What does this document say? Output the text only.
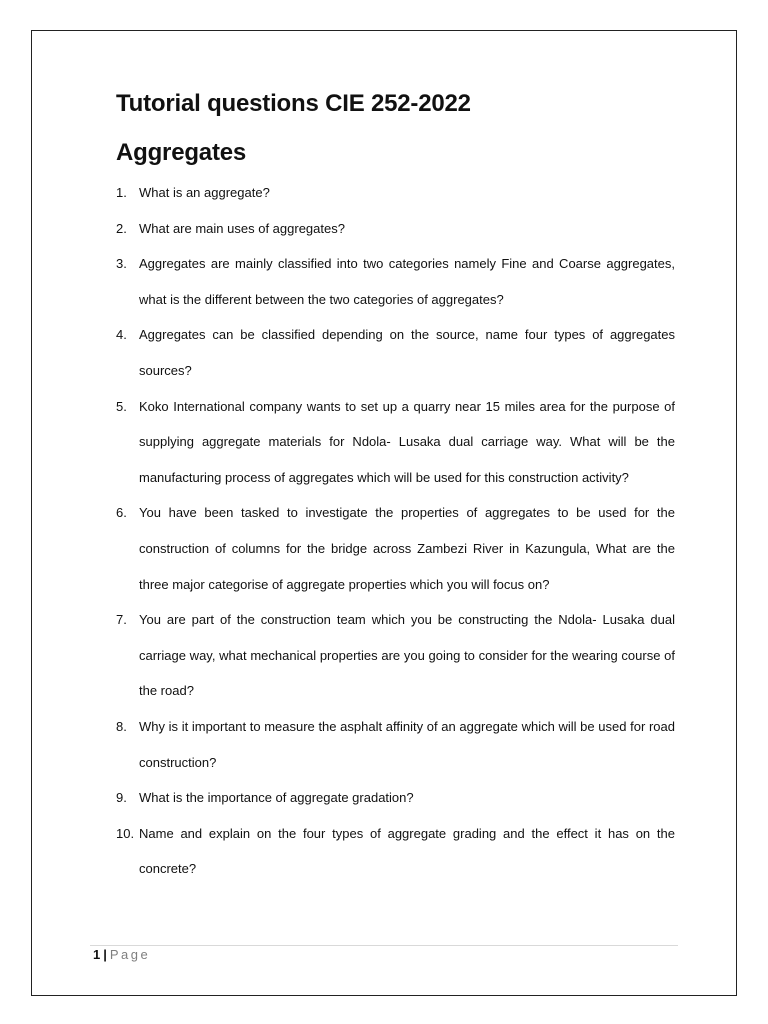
Tutorial questions CIE 252-2022
Aggregates
1. What is an aggregate?
2. What are main uses of aggregates?
3. Aggregates are mainly classified into two categories namely Fine and Coarse aggregates, what is the different between the two categories of aggregates?
4. Aggregates can be classified depending on the source, name four types of aggregates sources?
5. Koko International company wants to set up a quarry near 15 miles area for the purpose of supplying aggregate materials for Ndola- Lusaka dual carriage way. What will be the manufacturing process of aggregates which will be used for this construction activity?
6. You have been tasked to investigate the properties of aggregates to be used for the construction of columns for the bridge across Zambezi River in Kazungula, What are the three major categorise of aggregate properties which you will focus on?
7. You are part of the construction team which you be constructing the Ndola- Lusaka dual carriage way, what mechanical properties are you going to consider for the wearing course of the road?
8. Why is it important to measure the asphalt affinity of an aggregate which will be used for road construction?
9. What is the importance of aggregate gradation?
10. Name and explain on the four types of aggregate grading and the effect it has on the concrete?
1 | Page
